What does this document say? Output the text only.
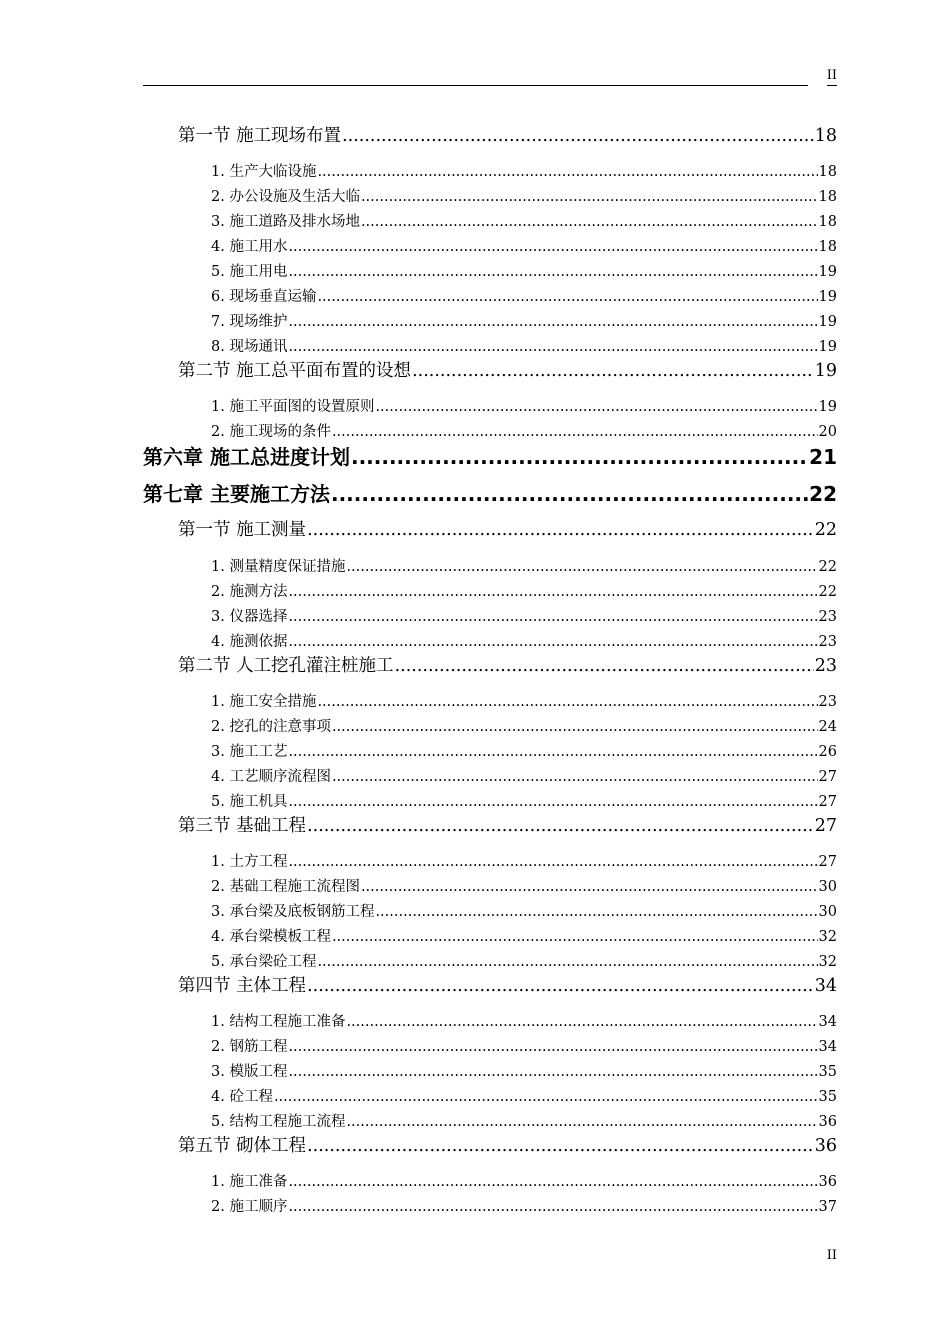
II
第一节 施工现场布置 .....	18
1. 生产大临设施 .....	18
2. 办公设施及生活大临 .....	18
3. 施工道路及排水场地 .....	18
4. 施工用水 .....	18
5. 施工用电 .....	19
6. 现场垂直运输 .....	19
7. 现场维护 .....	19
8. 现场通讯 .....	19
第二节 施工总平面布置的设想 .....	19
1. 施工平面图的设置原则 .....	19
2. 施工现场的条件 .....	20
第六章 施工总进度计划 .....	21
第七章 主要施工方法 .....	22
第一节 施工测量 .....	22
1. 测量精度保证措施 .....	22
2. 施测方法 .....	22
3. 仪器选择 .....	23
4. 施测依据 .....	23
第二节 人工挖孔灌注桩施工 .....	23
1. 施工安全措施 .....	23
2. 挖孔的注意事项 .....	24
3. 施工工艺 .....	26
4. 工艺顺序流程图 .....	27
5. 施工机具 .....	27
第三节 基础工程 .....	27
1. 土方工程 .....	27
2. 基础工程施工流程图 .....	30
3. 承台梁及底板钢筋工程 .....	30
4. 承台梁模板工程 .....	32
5. 承台梁砼工程 .....	32
第四节 主体工程 .....	34
1. 结构工程施工准备 .....	34
2. 钢筋工程 .....	34
3. 模版工程 .....	35
4. 砼工程 .....	35
5. 结构工程施工流程 .....	36
第五节 砌体工程 .....	36
1. 施工准备 .....	36
2. 施工顺序 .....	37
II
